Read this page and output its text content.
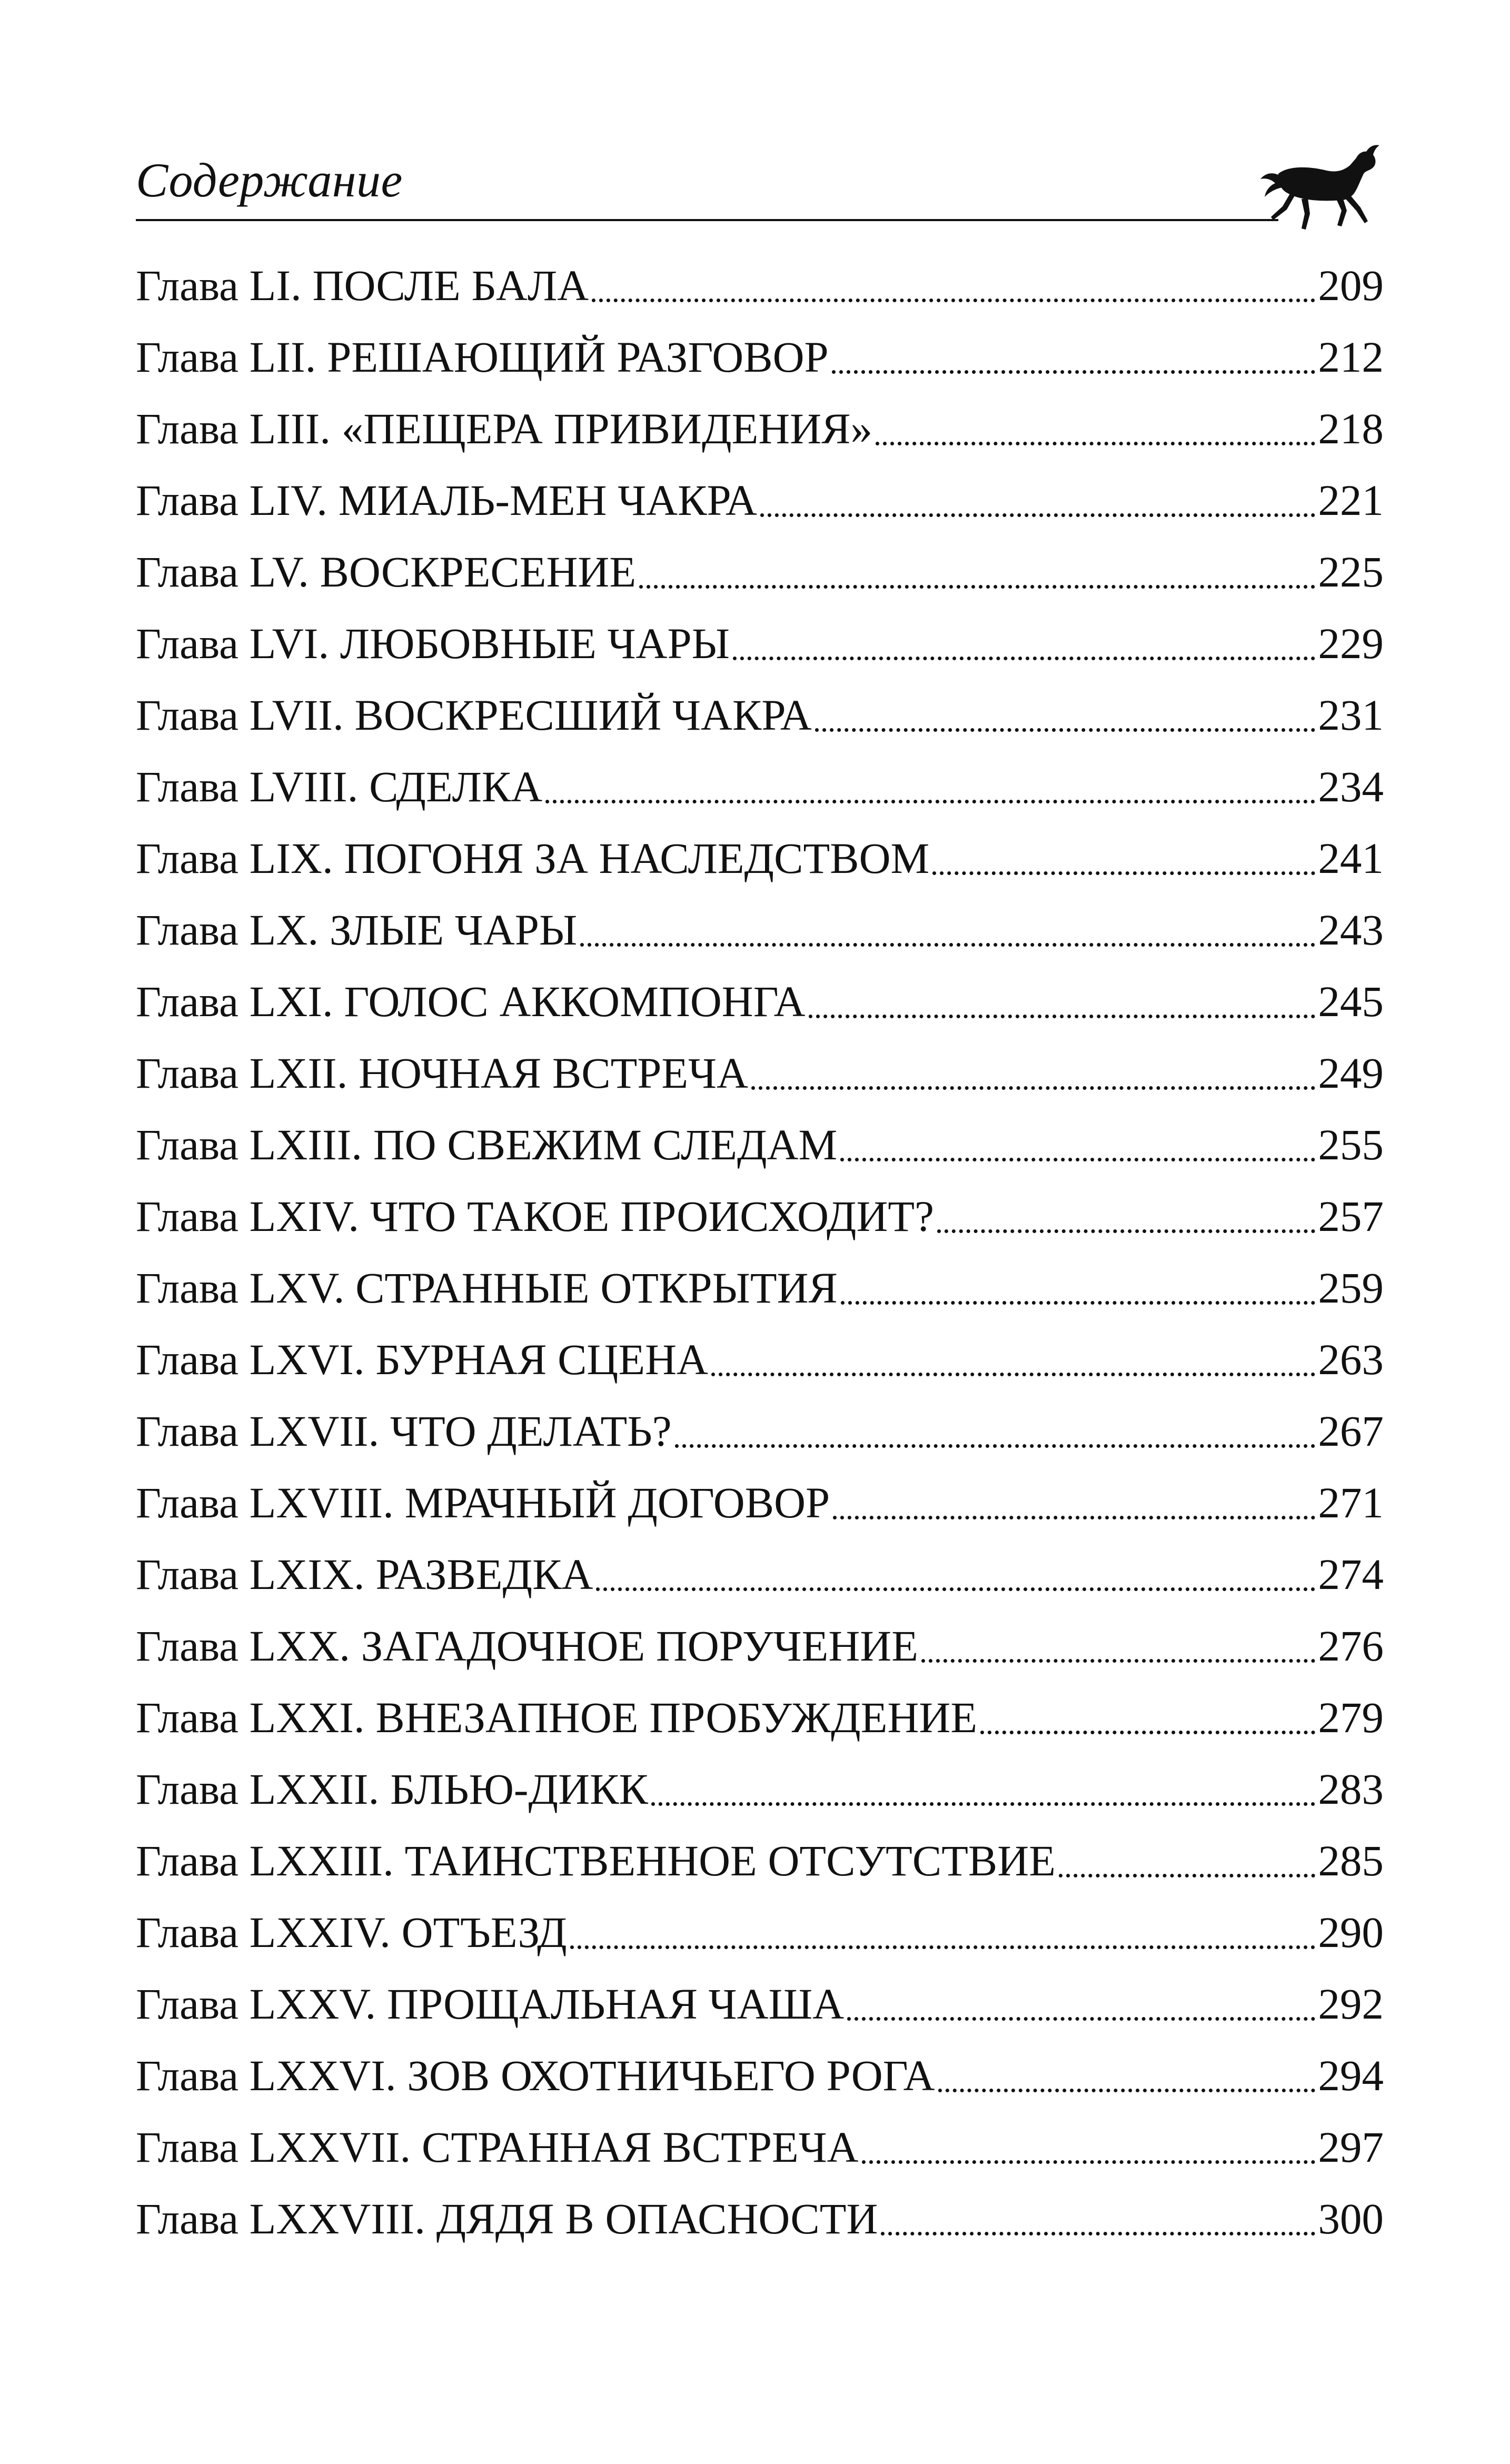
Содержание
Глава LI. ПОСЛЕ БАЛА	209
Глава LII. РЕШАЮЩИЙ РАЗГОВОР	212
Глава LIII. «ПЕЩЕРА ПРИВИДЕНИЯ»	218
Глава LIV. МИАЛЬ-МЕН ЧАКРА	221
Глава LV. ВОСКРЕСЕНИЕ	225
Глава LVI. ЛЮБОВНЫЕ ЧАРЫ	229
Глава LVII. ВОСКРЕСШИЙ ЧАКРА	231
Глава LVIII. СДЕЛКА	234
Глава LIX. ПОГОНЯ ЗА НАСЛЕДСТВОМ	241
Глава LX. ЗЛЫЕ ЧАРЫ	243
Глава LXI. ГОЛОС АККОМПОНГА	245
Глава LXII. НОЧНАЯ ВСТРЕЧА	249
Глава LXIII. ПО СВЕЖИМ СЛЕДАМ	255
Глава LXIV. ЧТО ТАКОЕ ПРОИСХОДИТ?	257
Глава LXV. СТРАННЫЕ ОТКРЫТИЯ	259
Глава LXVI. БУРНАЯ СЦЕНА	263
Глава LXVII. ЧТО ДЕЛАТЬ?	267
Глава LXVIII. МРАЧНЫЙ ДОГОВОР	271
Глава LXIX. РАЗВЕДКА	274
Глава LXX. ЗАГАДОЧНОЕ ПОРУЧЕНИЕ	276
Глава LXXI. ВНЕЗАПНОЕ ПРОБУЖДЕНИЕ	279
Глава LXXII. БЛЬЮ-ДИКК	283
Глава LXXIII. ТАИНСТВЕННОЕ ОТСУТСТВИЕ	285
Глава LXXIV. ОТЪЕЗД	290
Глава LXXV. ПРОЩАЛЬНАЯ ЧАША	292
Глава LXXVI. ЗОВ ОХОТНИЧЬЕГО РОГА	294
Глава LXXVII. СТРАННАЯ ВСТРЕЧА	297
Глава LXXVIII. ДЯДЯ В ОПАСНОСТИ	300
